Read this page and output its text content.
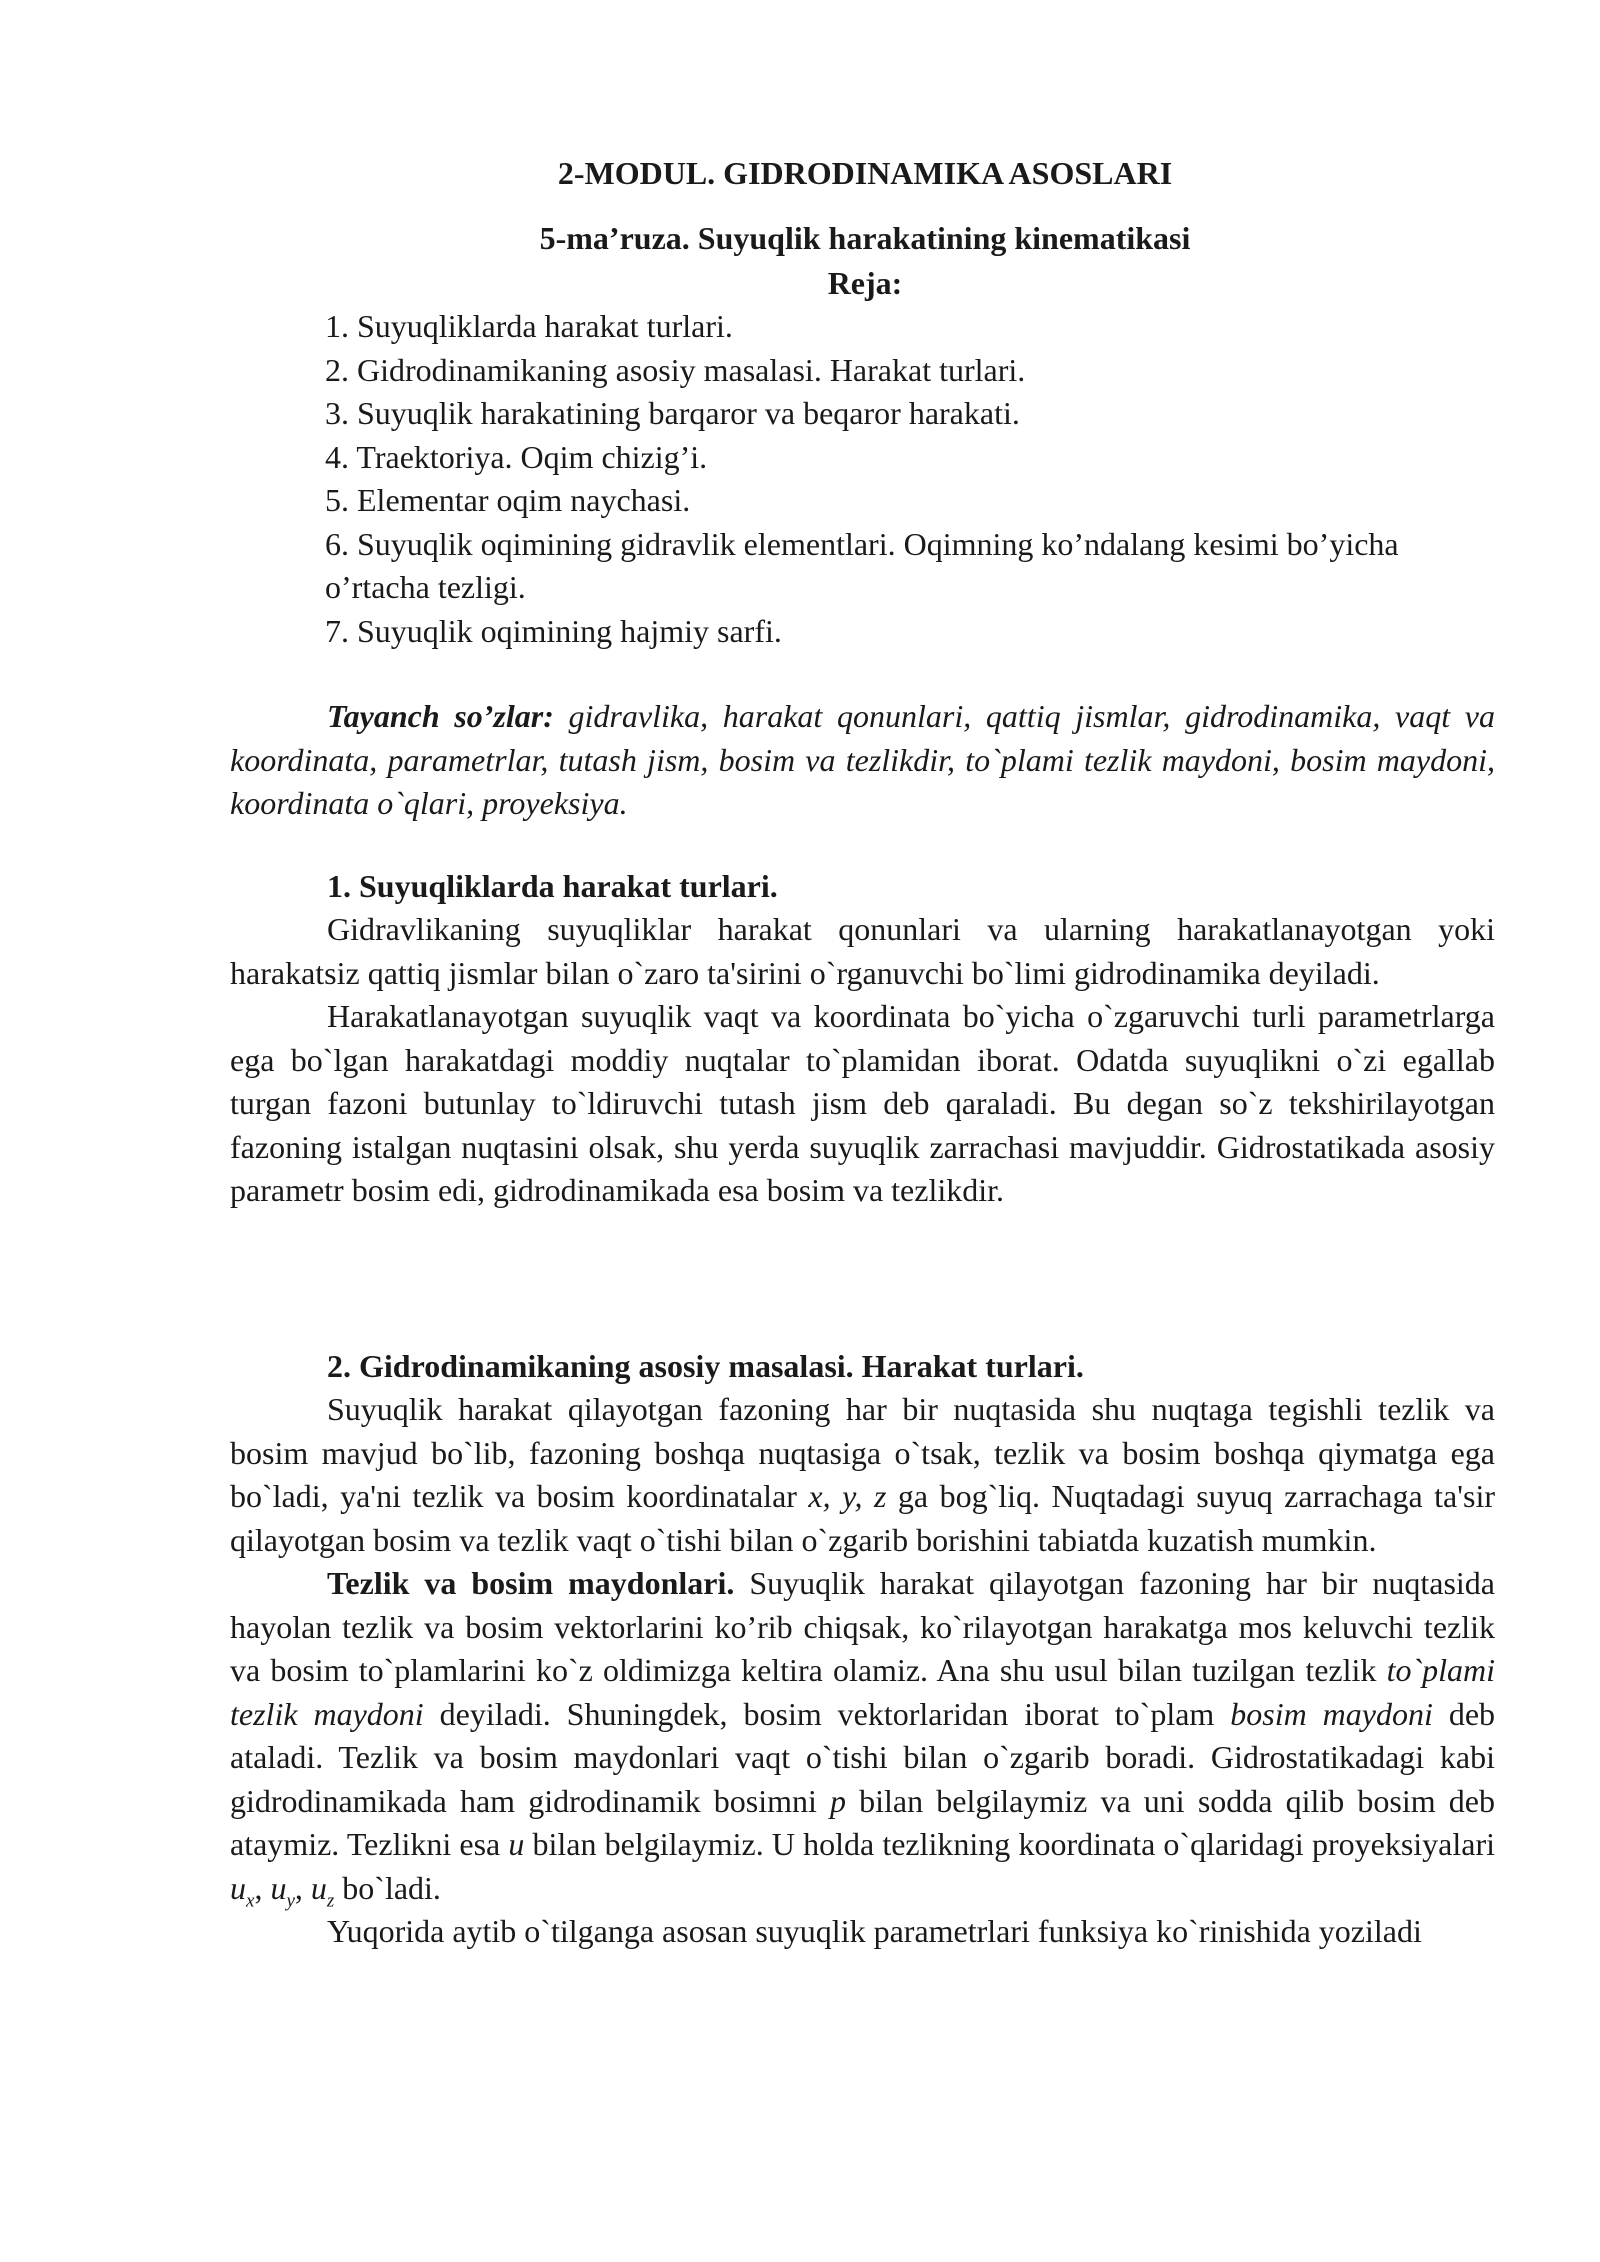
2-MODUL. GIDRODINAMIKA ASOSLARI
5-ma’ruza. Suyuqlik harakatining kinematikasi
Reja:
1. Suyuqliklarda harakat turlari.
2. Gidrodinamikaning asosiy masalasi. Harakat turlari.
3. Suyuqlik harakatining barqaror va beqaror harakati.
4. Traektoriya. Oqim chizig’i.
5. Elementar oqim naychasi.
6. Suyuqlik oqimining gidravlik elementlari. Oqimning ko’ndalang kesimi bo’yicha o’rtacha tezligi.
7. Suyuqlik oqimining hajmiy sarfi.

Tayanch so’zlar: gidravlika, harakat qonunlari, qattiq jismlar, gidrodinamika, vaqt va koordinata, parametrlar, tutash jism, bosim va tezlikdir, to`plami tezlik maydoni, bosim maydoni, koordinata o`qlari, proyeksiya.

1. Suyuqliklarda harakat turlari.

Gidravlikaning suyuqliklar harakat qonunlari va ularning harakatlanayotgan yoki harakatsiz qattiq jismlar bilan o`zaro ta'sirini o`rganuvchi bo`limi gidrodinamika deyiladi.

Harakatlanayotgan suyuqlik vaqt va koordinata bo`yicha o`zgaruvchi turli parametrlarga ega bo`lgan harakatdagi moddiy nuqtalar to`plamidan iborat. Odatda suyuqlikni o`zi egallab turgan fazoni butunlay to`ldiruvchi tutash jism deb qaraladi. Bu degan so`z tekshirilayotgan fazoning istalgan nuqtasini olsak, shu yerda suyuqlik zarrachasi mavjuddir. Gidrostatikada asosiy parametr bosim edi, gidrodinamikada esa bosim va tezlikdir.

2. Gidrodinamikaning asosiy masalasi. Harakat turlari.

Suyuqlik harakat qilayotgan fazoning har bir nuqtasida shu nuqtaga tegishli tezlik va bosim mavjud bo`lib, fazoning boshqa nuqtasiga o`tsak, tezlik va bosim boshqa qiymatga ega bo`ladi, ya'ni tezlik va bosim koordinatalar x, y, z ga bog`liq. Nuqtadagi suyuq zarrachaga ta'sir qilayotgan bosim va tezlik vaqt o`tishi bilan o`zgarib borishini tabiatda kuzatish mumkin.

Tezlik va bosim maydonlari. Suyuqlik harakat qilayotgan fazoning har bir nuqtasida hayolan tezlik va bosim vektorlarini ko’rib chiqsak, ko`rilayotgan harakatga mos keluvchi tezlik va bosim to`plamlarini ko`z oldimizga keltira olamiz. Ana shu usul bilan tuzilgan tezlik to`plami tezlik maydoni deyiladi. Shuningdek, bosim vektorlaridan iborat to`plam bosim maydoni deb ataladi. Tezlik va bosim maydonlari vaqt o`tishi bilan o`zgarib boradi. Gidrostatikadagi kabi gidrodinamikada ham gidrodinamik bosimni p bilan belgilaymiz va uni sodda qilib bosim deb ataymiz. Tezlikni esa u bilan belgilaymiz. U holda tezlikning koordinata o`qlaridagi proyeksiyalari $u_x$, $u_y$, $u_z$ bo`ladi.

Yuqorida aytib o`tilganga asosan suyuqlik parametrlari funksiya ko`rinishida yoziladi
